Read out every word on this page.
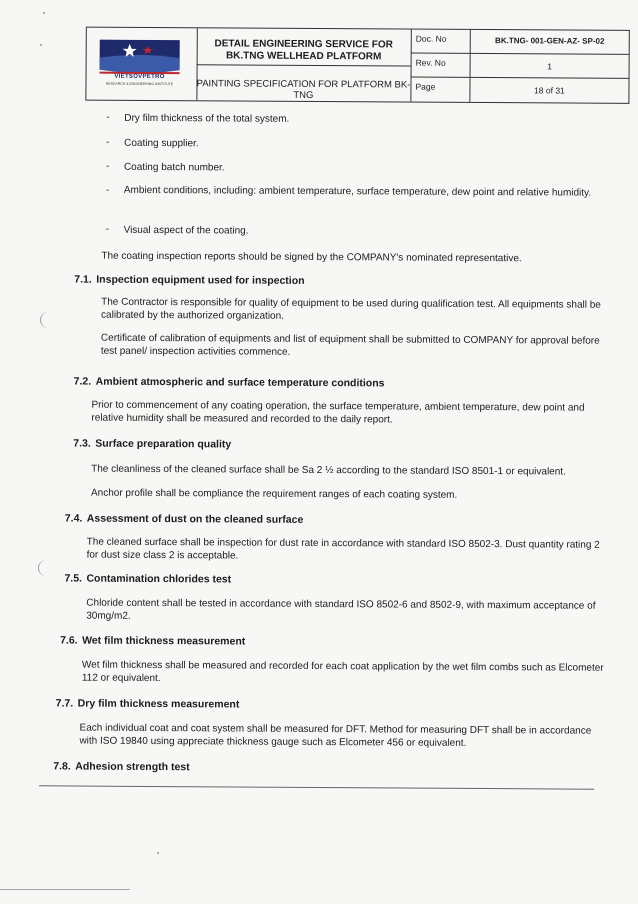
VIETSOVPETRO
RESEARCH & ENGINEERING INSTITUTE
DETAIL ENGINEERING SERVICE FOR BK.TNG WELLHEAD PLATFORM
PAINTING SPECIFICATION FOR PLATFORM BK-TNG
Doc. No	BK.TNG- 001-GEN-AZ- SP-02
Rev. No	1
Page	18 of 31
- Dry film thickness of the total system.
- Coating supplier.
- Coating batch number.
- Ambient conditions, including: ambient temperature, surface temperature, dew point and relative humidity.
- Visual aspect of the coating.
The coating inspection reports should be signed by the COMPANY's nominated representative.
7.1. Inspection equipment used for inspection
The Contractor is responsible for quality of equipment to be used during qualification test. All equipments shall be calibrated by the authorized organization.
Certificate of calibration of equipments and list of equipment shall be submitted to COMPANY for approval before test panel/ inspection activities commence.
7.2. Ambient atmospheric and surface temperature conditions
Prior to commencement of any coating operation, the surface temperature, ambient temperature, dew point and relative humidity shall be measured and recorded to the daily report.
7.3. Surface preparation quality
The cleanliness of the cleaned surface shall be Sa 2 ½ according to the standard ISO 8501-1 or equivalent.
Anchor profile shall be compliance the requirement ranges of each coating system.
7.4. Assessment of dust on the cleaned surface
The cleaned surface shall be inspection for dust rate in accordance with standard ISO 8502-3. Dust quantity rating 2 for dust size class 2 is acceptable.
7.5. Contamination chlorides test
Chloride content shall be tested in accordance with standard ISO 8502-6 and 8502-9, with maximum acceptance of 30mg/m2.
7.6. Wet film thickness measurement
Wet film thickness shall be measured and recorded for each coat application by the wet film combs such as Elcometer 112 or equivalent.
7.7. Dry film thickness measurement
Each individual coat and coat system shall be measured for DFT. Method for measuring DFT shall be in accordance with ISO 19840 using appreciate thickness gauge such as Elcometer 456 or equivalent.
7.8. Adhesion strength test
